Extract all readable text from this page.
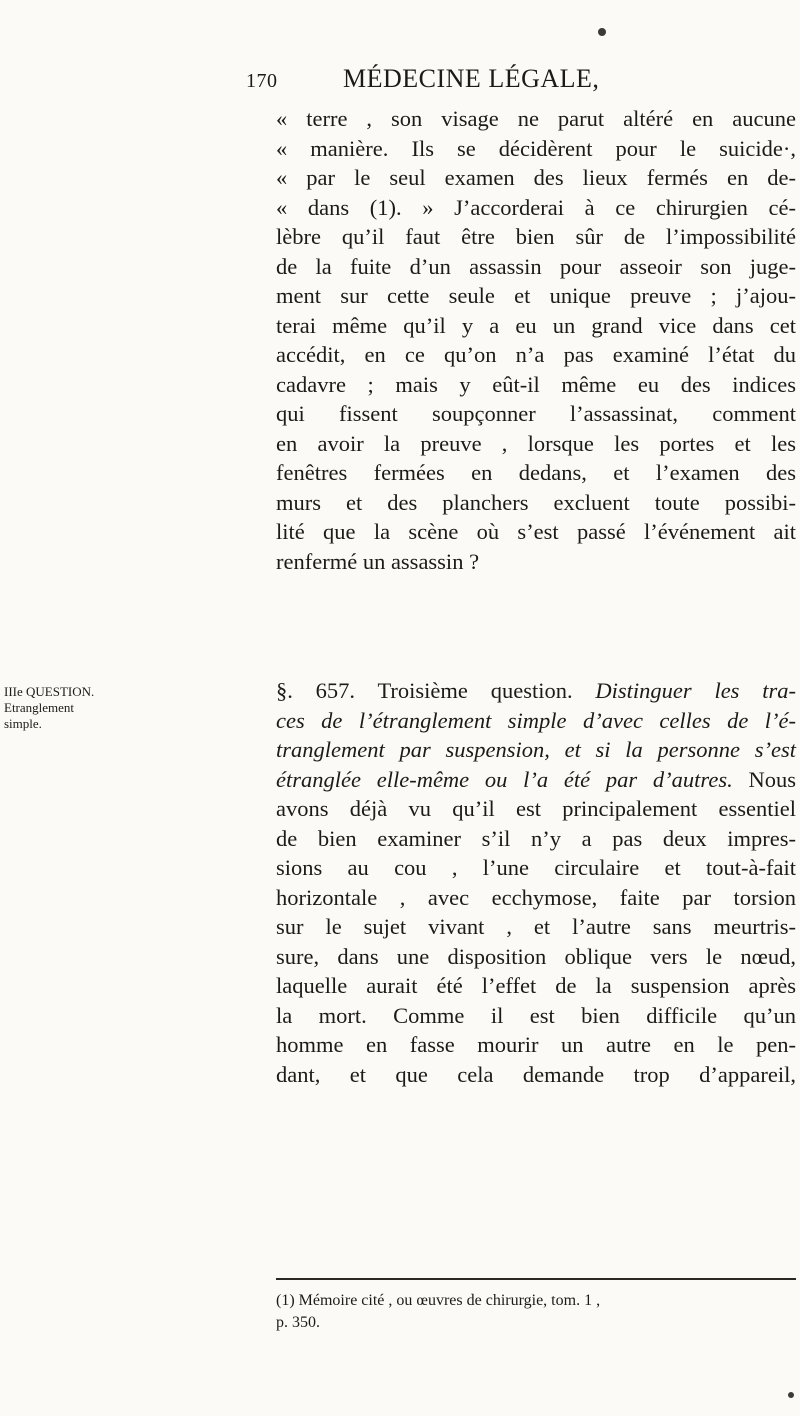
170	MÉDECINE LÉGALE,
« terre , son visage ne parut altéré en aucune
« manière. Ils se décidèrent pour le suicide·,
« par le seul examen des lieux fermés en de-
« dans (1). » J’accorderai à ce chirurgien cé-
lèbre qu’il faut être bien sûr de l’impossibilité
de la fuite d’un assassin pour asseoir son juge-
ment sur cette seule et unique preuve ; j’ajou-
terai même qu’il y a eu un grand vice dans cet
accédit, en ce qu’on n’a pas examiné l’état du
cadavre ; mais y eût-il même eu des indices
qui fissent soupçonner l’assassinat, comment
en avoir la preuve , lorsque les portes et les
fenêtres fermées en dedans, et l’examen des
murs et des planchers excluent toute possibi-
lité que la scène où s’est passé l’événement ait
renfermé un assassin ?
IIIe QUESTION.
Etranglement
simple.
§. 657. Troisième question. Distinguer les tra-
ces de l’étranglement simple d’avec celles de l’é-
tranglement par suspension, et si la personne s’est
étranglée elle-même ou l’a été par d’autres. Nous
avons déjà vu qu’il est principalement essentiel
de bien examiner s’il n’y a pas deux impres-
sions au cou , l’une circulaire et tout-à-fait
horizontale , avec ecchymose, faite par torsion
sur le sujet vivant , et l’autre sans meurtris-
sure, dans une disposition oblique vers le nœud,
laquelle aurait été l’effet de la suspension après
la mort. Comme il est bien difficile qu’un
homme en fasse mourir un autre en le pen-
dant, et que cela demande trop d’appareil,
(1) Mémoire cité , ou œuvres de chirurgie, tom. 1 ,
p. 350.
